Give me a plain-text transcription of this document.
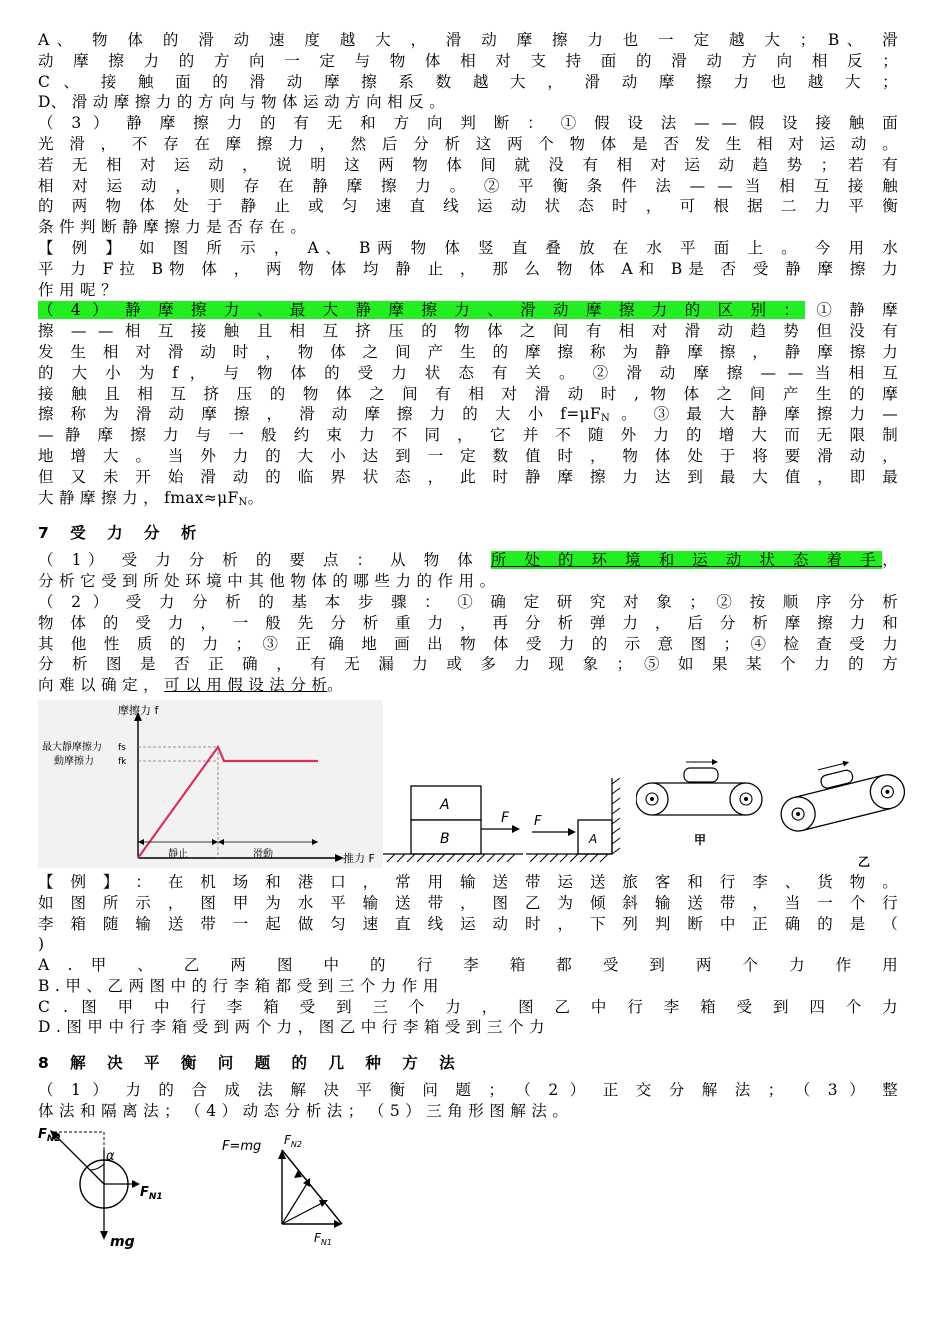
A、 物 体 的 滑 动 速 度 越 大 ， 滑 动 摩 擦 力 也 一 定 越 大 ； B、 滑
动 摩 擦 力 的 方 向 一 定 与 物 体 相 对 支 持 面 的 滑 动 方 向 相 反 ；
C 、 接 触 面 的 滑 动 摩 擦 系 数 越 大 ， 滑 动 摩 擦 力 也 越 大 ；
D、 滑 动 摩 擦 力 的 方 向 与 物 体 运 动 方 向 相 反 。
（ 3 ） 静 摩 擦 力 的 有 无 和 方 向 判 断 ： ① 假 设 法 — — 假 设 接 触 面
光 滑 ， 不 存 在 摩 擦 力 ， 然 后 分 析 这 两 个 物 体 是 否 发 生 相 对 运 动 。
若 无 相 对 运 动 ， 说 明 这 两 物 体 间 就 没 有 相 对 运 动 趋 势 ； 若 有
相 对 运 动 ， 则 存 在 静 摩 擦 力 。 ② 平 衡 条 件 法 — — 当 相 互 接 触
的 两 物 体 处 于 静 止 或 匀 速 直 线 运 动 状 态 时 ， 可 根 据 二 力 平 衡
条 件 判 断 静 摩 擦 力 是 否 存 在 。
【 例 】 如 图 所 示 ， A、 B两 物 体 竖 直 叠 放 在 水 平 面 上 。 今 用 水
平 力 F拉 B物 体 ， 两 物 体 均 静 止 ， 那 么 物 体 A和 B是 否 受 静 摩 擦 力
作 用 呢 ？
（ 4 ） 静 摩 擦 力 、 最 大 静 摩 擦 力 、 滑 动 摩 擦 力 的 区 别 ： ① 静 摩
擦 — — 相 互 接 触 且 相 互 挤 压 的 物 体 之 间 有 相 对 滑 动 趋 势 但 没 有
发 生 相 对 滑 动 时 ， 物 体 之 间 产 生 的 摩 擦 称 为 静 摩 擦 ， 静 摩 擦 力
的 大 小 为 f ， 与 物 体 的 受 力 状 态 有 关 。 ② 滑 动 摩 擦 — — 当 相 互
接 触 且 相 互 挤 压 的 物 体 之 间 有 相 对 滑 动 时 , 物 体 之 间 产 生 的 摩
擦 称 为 滑 动 摩 擦 ， 滑 动 摩 擦 力 的 大 小 $f=\mu F_N$ 。 ③ 最 大 静 摩 擦 力 —
— 静 摩 擦 力 与 一 般 约 束 力 不 同 ， 它 并 不 随 外 力 的 增 大 而 无 限 制
地 增 大 。 当 外 力 的 大 小 达 到 一 定 数 值 时 ， 物 体 处 于 将 要 滑 动 ，
但 又 未 开 始 滑 动 的 临 界 状 态 ， 此 时 静 摩 擦 力 达 到 最 大 值 ， 即 最
大 静 摩 擦 力 ， $fmax\approx\mu F_N$。
7 受 力 分 析
（ 1） 受 力 分 析 的 要 点 ： 从 物 体 所 处 的 环 境 和 运 动 状 态 着 手，
分 析 它 受 到 所 处 环 境 中 其 他 物 体 的 哪 些 力 的 作 用 。
（ 2 ） 受 力 分 析 的 基 本 步 骤 ： ① 确 定 研 究 对 象 ； ② 按 顺 序 分 析
物 体 的 受 力 ， 一 般 先 分 析 重 力 ， 再 分 析 弹 力 ， 后 分 析 摩 擦 力 和
其 他 性 质 的 力 ； ③ 正 确 地 画 出 物 体 受 力 的 示 意 图 ； ④ 检 查 受 力
分 析 图 是 否 正 确 ， 有 无 漏 力 或 多 力 现 象 ； ⑤ 如 果 某 个 力 的 方
向 难 以 确 定 ， 可 以 用 假 设 法 分 析。
摩擦力 f
最大靜摩擦力 fs
動摩擦力	fk
推力 F
靜止	滑動
A
B
F F
A	甲
乙
【 例 】 ： 在 机 场 和 港 口 ， 常 用 输 送 带 运 送 旅 客 和 行 李 、 货 物 。
如 图 所 示 ， 图 甲 为 水 平 输 送 带 ， 图 乙 为 倾 斜 输 送 带 ， 当 一 个 行
李 箱 随 输 送 带 一 起 做 匀 速 直 线 运 动 时 ， 下 列 判 断 中 正 确 的 是 （
)
A . 甲 、 乙 两 图 中 的 行 李 箱 都 受 到 两 个 力 作 用
B . 甲 、 乙 两 图 中 的 行 李 箱 都 受 到 三 个 力 作 用
C . 图 甲 中 行 李 箱 受 到 三 个 力 ， 图 乙 中 行 李 箱 受 到 四 个 力
D . 图 甲 中 行 李 箱 受 到 两 个 力 ， 图 乙 中 行 李 箱 受 到 三 个 力
8 解 决 平 衡 问 题 的 几 种 方 法
（ 1 ） 力 的 合 成 法 解 决 平 衡 问 题 ； （ 2 ） 正 交 分 解 法 ； （ 3 ） 整
体 法 和 隔 离 法 ； （ 4 ） 动 态 分 析 法 ； （ 5 ） 三 角 形 图 解 法 。
α
$F_{N2}$
$F_{N1}$
mg
F=mg $F_{N2}$
$F_{N1}$
